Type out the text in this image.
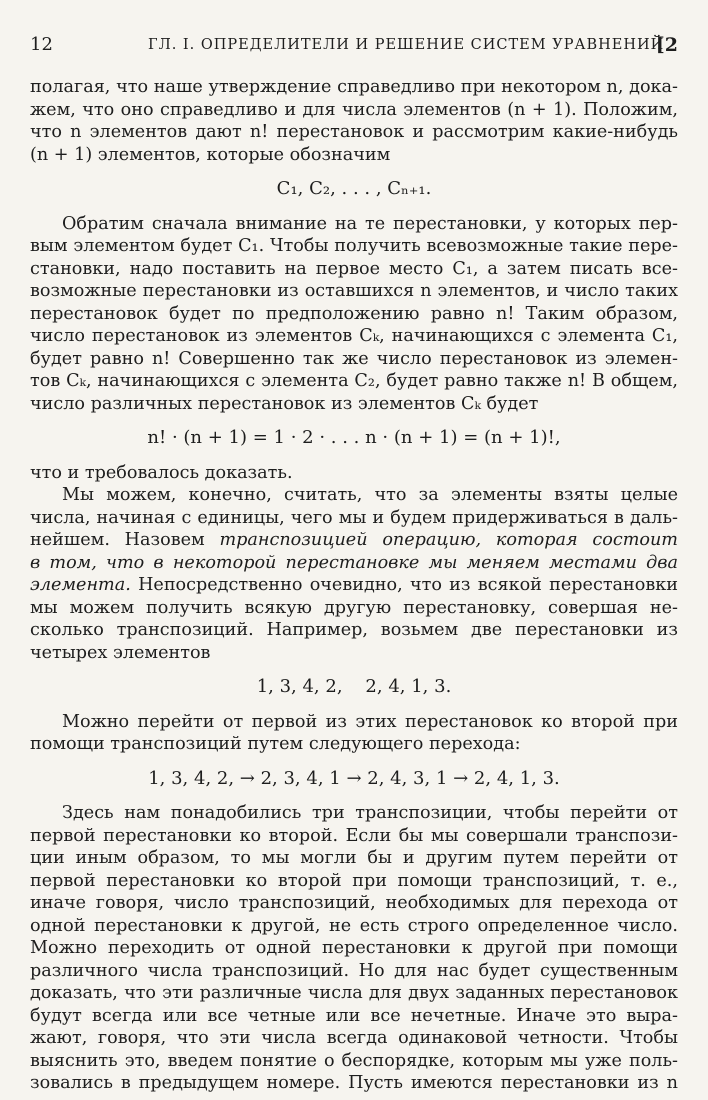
12	ГЛ. I. ОПРЕДЕЛИТЕЛИ И РЕШЕНИЕ СИСТЕМ УРАВНЕНИЙ
[2
полагая, что наше утверждение справедливо при некотором n, дока-
жем, что оно справедливо и для числа элементов (n + 1). Положим,
что n элементов дают n! перестановок и рассмотрим какие-нибудь
(n + 1) элементов, которые обозначим
C₁, C₂, . . . , Cₙ₊₁.
Обратим сначала внимание на те перестановки, у которых пер-
вым элементом будет C₁. Чтобы получить всевозможные такие пере-
становки, надо поставить на первое место C₁, а затем писать все-
возможные перестановки из оставшихся n элементов, и число таких
перестановок будет по предположению равно n! Таким образом,
число перестановок из элементов Cₖ, начинающихся с элемента C₁,
будет равно n! Совершенно так же число перестановок из элемен-
тов Cₖ, начинающихся с элемента C₂, будет равно также n! В общем,
число различных перестановок из элементов Cₖ будет
n! · (n + 1) = 1 · 2 · . . . n · (n + 1) = (n + 1)!,
что и требовалось доказать.
Мы можем, конечно, считать, что за элементы взяты целые
числа, начиная с единицы, чего мы и будем придерживаться в даль-
нейшем. Назовем транспозицией операцию, которая состоит
в том, что в некоторой перестановке мы меняем местами два
элемента. Непосредственно очевидно, что из всякой перестановки
мы можем получить всякую другую перестановку, совершая не-
сколько транспозиций. Например, возьмем две перестановки из
четырех элементов
1, 3, 4, 2,    2, 4, 1, 3.
Можно перейти от первой из этих перестановок ко второй при
помощи транспозиций путем следующего перехода:
1, 3, 4, 2, → 2, 3, 4, 1 → 2, 4, 3, 1 → 2, 4, 1, 3.
Здесь нам понадобились три транспозиции, чтобы перейти от
первой перестановки ко второй. Если бы мы совершали транспози-
ции иным образом, то мы могли бы и другим путем перейти от
первой перестановки ко второй при помощи транспозиций, т. е.,
иначе говоря, число транспозиций, необходимых для перехода от
одной перестановки к другой, не есть строго определенное число.
Можно переходить от одной перестановки к другой при помощи
различного числа транспозиций. Но для нас будет существенным
доказать, что эти различные числа для двух заданных перестановок
будут всегда или все четные или все нечетные. Иначе это выра-
жают, говоря, что эти числа всегда одинаковой четности. Чтобы
выяснить это, введем понятие о беспорядке, которым мы уже поль-
зовались в предыдущем номере. Пусть имеются перестановки из n
